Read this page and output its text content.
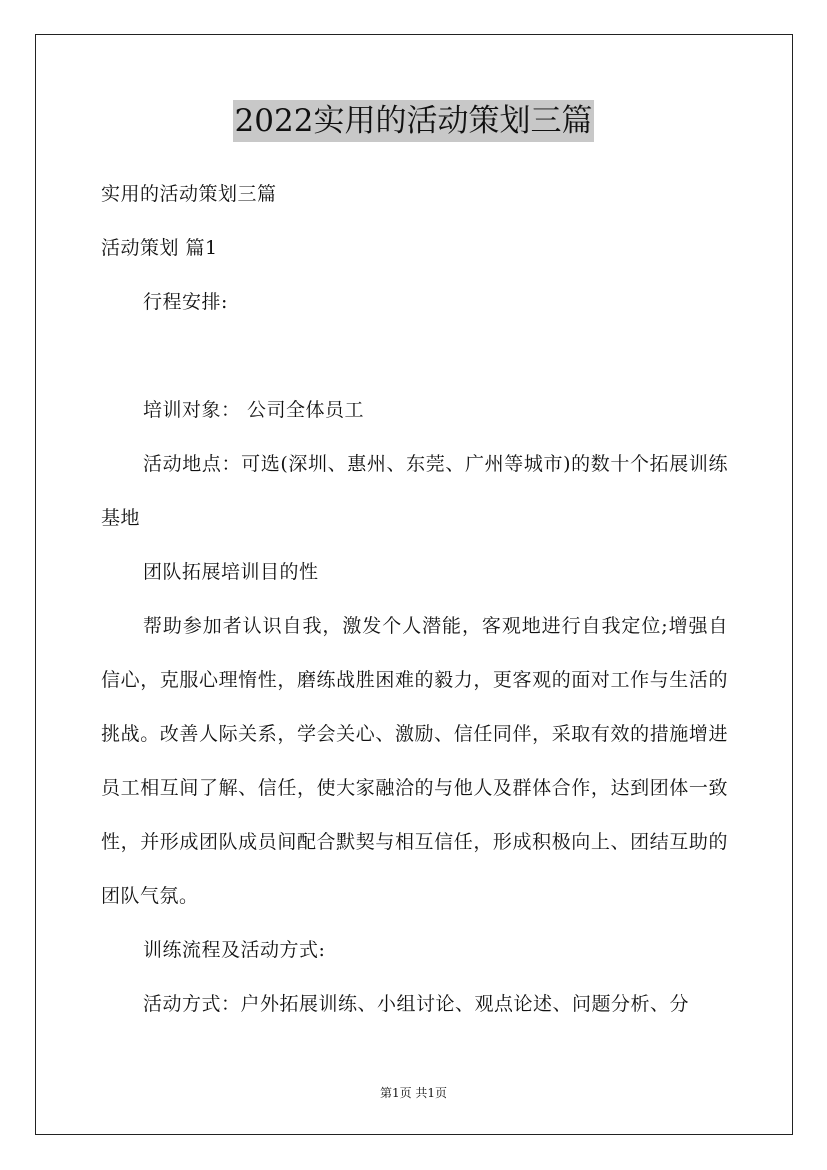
2022实用的活动策划三篇

实用的活动策划三篇

活动策划 篇1

行程安排:

培训对象： 公司全体员工

活动地点：可选(深圳、惠州、东莞、广州等城市)的数十个拓展训练基地

团队拓展培训目的性

帮助参加者认识自我，激发个人潜能，客观地进行自我定位;增强自信心，克服心理惰性，磨练战胜困难的毅力，更客观的面对工作与生活的挑战。改善人际关系，学会关心、激励、信任同伴，采取有效的措施增进员工相互间了解、信任，使大家融洽的与他人及群体合作，达到团体一致性，并形成团队成员间配合默契与相互信任，形成积极向上、团结互助的团队气氛。

训练流程及活动方式:

活动方式：户外拓展训练、小组讨论、观点论述、问题分析、分

第1页 共1页
